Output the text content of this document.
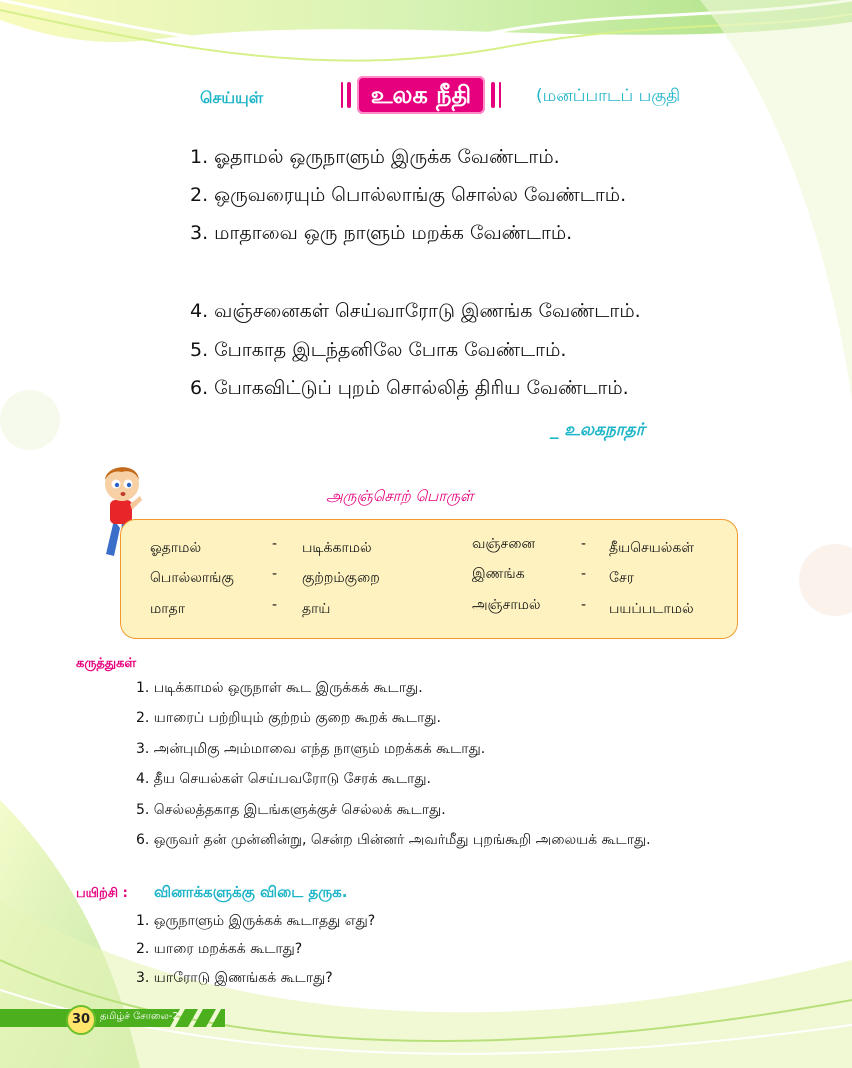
செய்யுள்	உலக நீதி	(மனப்பாடப் பகுதி
1. ஓதாமல் ஒருநாளும் இருக்க வேண்டாம்.
2. ஒருவரையும் பொல்லாங்கு சொல்ல வேண்டாம்.
3. மாதாவை ஒரு நாளும் மறக்க வேண்டாம்.
4. வஞ்சனைகள் செய்வாரோடு இணங்க வேண்டாம்.
5. போகாத இடந்தனிலே போக வேண்டாம்.
6. போகவிட்டுப் புறம் சொல்லித் திரிய வேண்டாம்.
_ உலகநாதர்
அருஞ்சொற் பொருள்
ஓதாமல்	- படிக்காமல்	வஞ்சனை	- தீயசெயல்கள்
பொல்லாங்கு	- குற்றம்குறை	இணங்க	- சேர
மாதா	- தாய்	அஞ்சாமல்	- பயப்படாமல்
கருத்துகள்
1. படிக்காமல் ஒருநாள் கூட இருக்கக் கூடாது.
2. யாரைப் பற்றியும் குற்றம் குறை கூறக் கூடாது.
3. அன்புமிகு அம்மாவை எந்த நாளும் மறக்கக் கூடாது.
4. தீய செயல்கள் செய்பவரோடு சேரக் கூடாது.
5. செல்லத்தகாத இடங்களுக்குச் செல்லக் கூடாது.
6. ஒருவர் தன் முன்னின்று, சென்ற பின்னர் அவர்மீது புறங்கூறி அலையக் கூடாது.
பயிற்சி : வினாக்களுக்கு விடை தருக.
1. ஒருநாளும் இருக்கக் கூடாதது எது?
2. யாரை மறக்கக் கூடாது?
3. யாரோடு இணங்கக் கூடாது?
30 தமிழ்ச் சோலை-2
